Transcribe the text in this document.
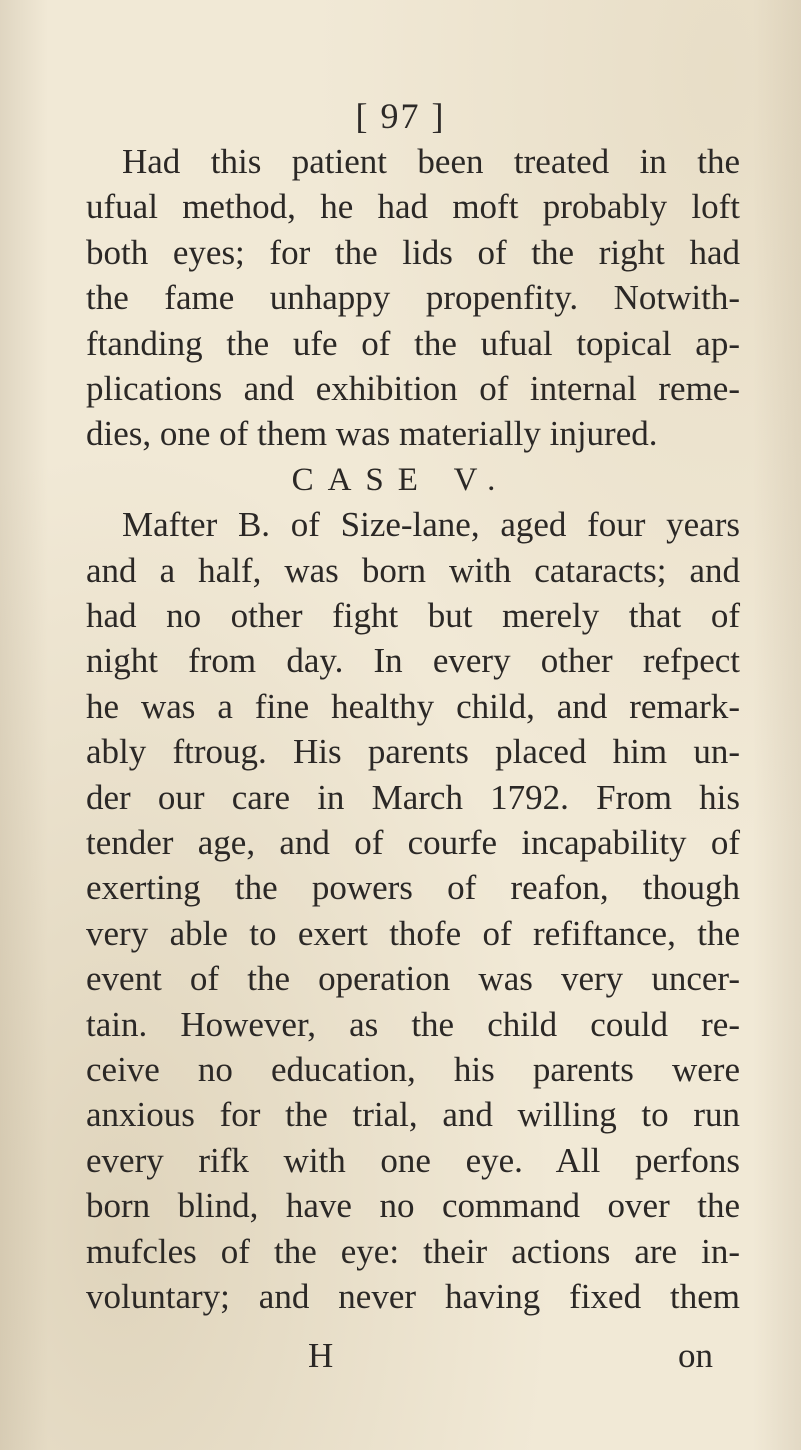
[ 97 ]
Had this patient been treated in the
ufual method, he had moft probably loft
both eyes; for the lids of the right had
the fame unhappy propenfity. Notwith-
ftanding the ufe of the ufual topical ap-
plications and exhibition of internal reme-
dies, one of them was materially injured.
CASE V.
Mafter B. of Size-lane, aged four years
and a half, was born with cataracts; and
had no other fight but merely that of
night from day. In every other refpect
he was a fine healthy child, and remark-
ably ftroug. His parents placed him un-
der our care in March 1792. From his
tender age, and of courfe incapability of
exerting the powers of reafon, though
very able to exert thofe of refiftance, the
event of the operation was very uncer-
tain. However, as the child could re-
ceive no education, his parents were
anxious for the trial, and willing to run
every rifk with one eye. All perfons
born blind, have no command over the
mufcles of the eye: their actions are in-
voluntary; and never having fixed them
H	on
